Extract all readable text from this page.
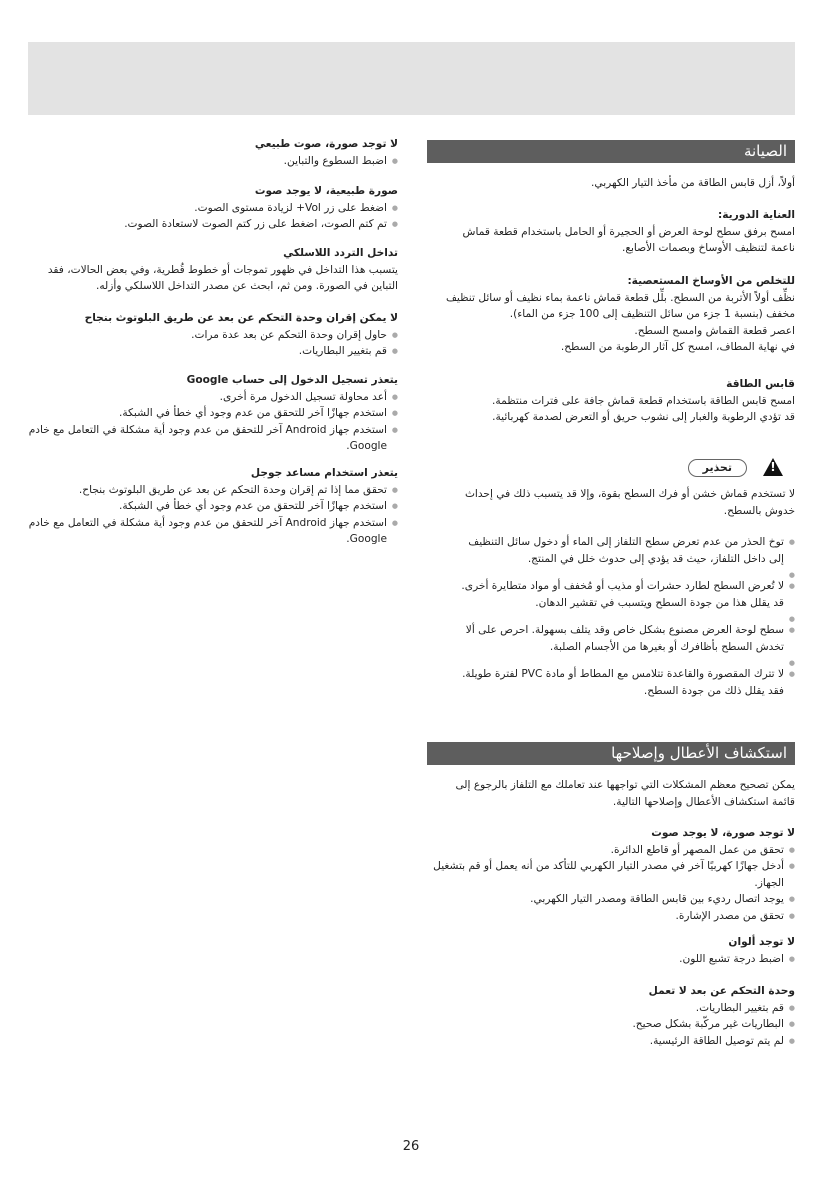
الصيانة

أولاً، أزل قابس الطاقة من مأخذ التيار الكهربي.

العناية الدورية:

امسح برفق سطح لوحة العرض أو الحجيرة أو الحامل باستخدام قطعة قماش

ناعمة لتنظيف الأوساخ وبصمات الأصابع.

للتخلص من الأوساخ المستعصية:

نظِّف أولاً الأتربة من السطح. بلِّل قطعة قماش ناعمة بماء نظيف أو سائل تنظيف

مخفف (بنسبة 1 جزء من سائل التنظيف إلى 100 جزء من الماء).

اعصر قطعة القماش وامسح السطح.

في نهاية المطاف، امسح كل آثار الرطوبة من السطح.

قابس الطاقة

امسح قابس الطاقة باستخدام قطعة قماش جافة على فترات منتظمة.

قد تؤدي الرطوبة والغبار إلى نشوب حريق أو التعرض لصدمة كهربائية.

!
تحذير

لا تستخدم قماش خشن أو فرك السطح بقوة، وإلا قد يتسبب ذلك في إحداث

خدوش بالسطح.

● توخ الحذر من عدم تعرض سطح التلفاز إلى الماء أو دخول سائل التنظيف

إلى داخل التلفاز، حيث قد يؤدي إلى حدوث خلل في المنتج.

●

● لا تُعرض السطح لطارد حشرات أو مذيب أو مُخفف أو مواد متطايرة أخرى.

قد يقلل هذا من جودة السطح ويتسبب في تقشير الدهان.

●

● سطح لوحة العرض مصنوع بشكل خاص وقد يتلف بسهولة. احرص على ألا

تخدش السطح بأظافرك أو بغيرها من الأجسام الصلبة.

●

● لا تترك المقصورة والقاعدة تتلامس مع المطاط أو مادة PVC لفترة طويلة.

فقد يقلل ذلك من جودة السطح.

استكشاف الأعطال وإصلاحها

يمكن تصحيح معظم المشكلات التي تواجهها عند تعاملك مع التلفاز بالرجوع إلى

قائمة استكشاف الأعطال وإصلاحها التالية.

لا توجد صورة، لا يوجد صوت

● تحقق من عمل المصهر أو قاطع الدائرة.
● أدخل جهازًا كهربيًا آخر في مصدر التيار الكهربي للتأكد من أنه يعمل أو قم بتشغيل الجهاز.
● يوجد اتصال رديء بين قابس الطاقة ومصدر التيار الكهربي.
● تحقق من مصدر الإشارة.

لا توجد ألوان

● اضبط درجة تشبع اللون.

وحدة التحكم عن بعد لا تعمل

● قم بتغيير البطاريات.
● البطاريات غير مركّبة بشكل صحيح.
● لم يتم توصيل الطاقة الرئيسية.

لا توجد صورة، صوت طبيعي

● اضبط السطوع والتباين.

صورة طبيعية، لا يوجد صوت

● اضغط على زر Vol+ لزيادة مستوى الصوت.
● تم كتم الصوت، اضغط على زر كتم الصوت لاستعادة الصوت.

تداخل التردد اللاسلكي

يتسبب هذا التداخل في ظهور تموجات أو خطوط قُطرية، وفي بعض الحالات، فقد

التباين في الصورة. ومن ثم، ابحث عن مصدر التداخل اللاسلكي وأزله.

لا يمكن إقران وحدة التحكم عن بعد عن طريق البلوتوث بنجاح

● حاول إقران وحدة التحكم عن بعد عدة مرات.
● قم بتغيير البطاريات.

يتعذر تسجيل الدخول إلى حساب Google

● أعد محاولة تسجيل الدخول مرة أخرى.
● استخدم جهازًا آخر للتحقق من عدم وجود أي خطأ في الشبكة.
● استخدم جهاز Android آخر للتحقق من عدم وجود أية مشكلة في التعامل مع خادم Google.

يتعذر استخدام مساعد جوجل

● تحقق مما إذا تم إقران وحدة التحكم عن بعد عن طريق البلوتوث بنجاح.
● استخدم جهازًا آخر للتحقق من عدم وجود أي خطأ في الشبكة.
● استخدم جهاز Android آخر للتحقق من عدم وجود أية مشكلة في التعامل مع خادم Google.
26
